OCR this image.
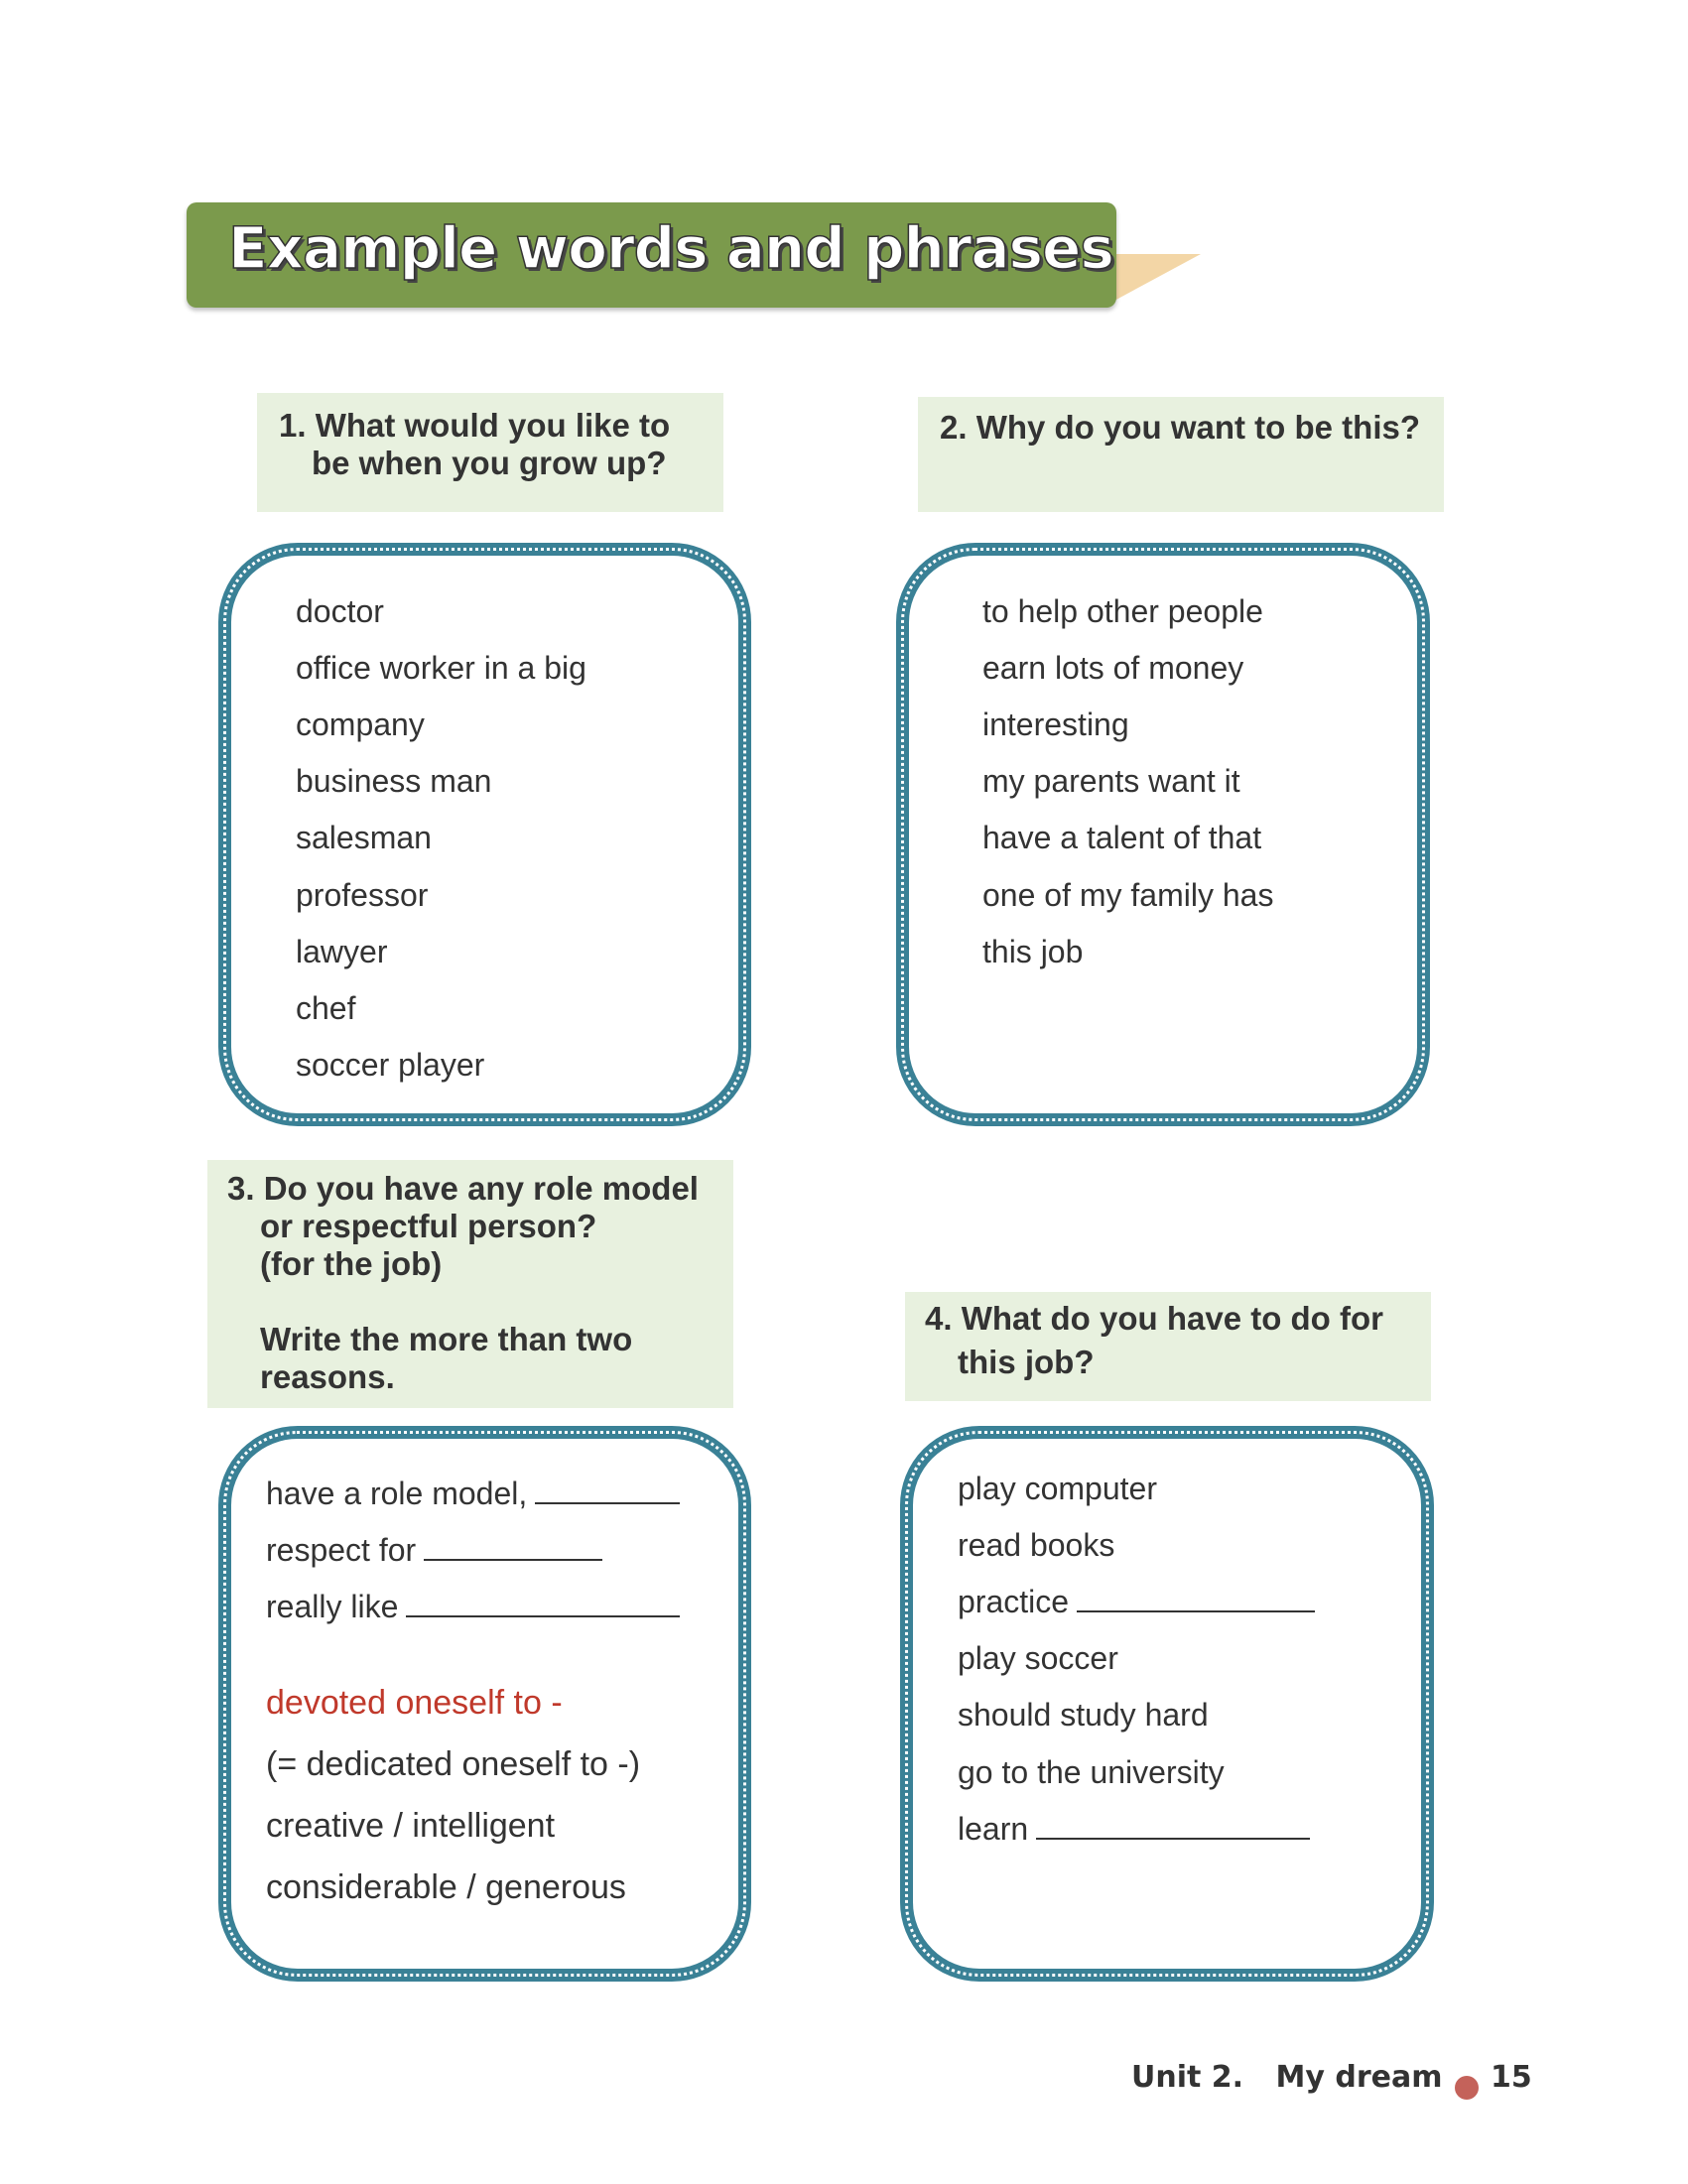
Example words and phrases
1. What would you like to
be when you grow up?
doctor
office worker in a big
company
business man
salesman
professor
lawyer
chef
soccer player
2. Why do you want to be this?
to help other people
earn lots of money
interesting
my parents want it
have a talent of that
one of my family has
this job
3. Do you have any role model
or respectful person?
(for the job)
Write the more than two
reasons.
have a role model,
respect for
really like
devoted oneself to -
(= dedicated oneself to -)
creative / intelligent
considerable / generous
4. What do you have to do for
this job?
play computer
read books
practice
play soccer
should study hard
go to the university
learn
Unit 2. My dream 15
